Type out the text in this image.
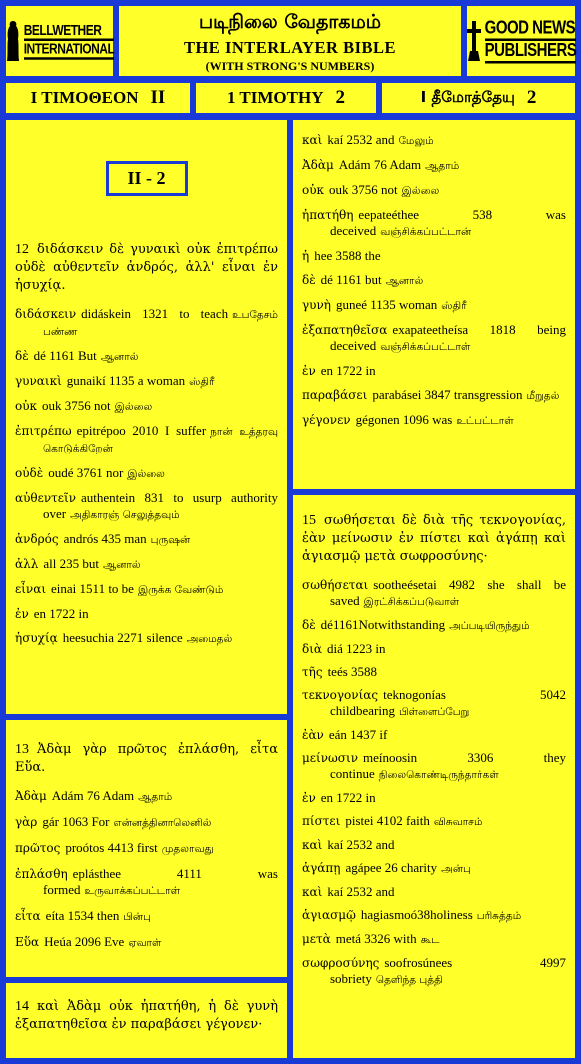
BELLWETHER
INTERNATIONAL
படிநிலை வேதாகமம்
THE INTERLAYER BIBLE
(WITH STRONG'S NUMBERS)
GOOD NEWS
PUBLISHERS
I TIMOΘEON II	1 TIMOTHY 2	I தீமோத்தேயு 2
II - 2
12 διδάσκειν δὲ γυναικὶ οὐκ ἐπιτρέπω οὐδὲ αὐθεντεῖν ἀνδρός, ἀλλ' εἶναι ἐν ἡσυχίᾳ.
διδάσκειν didáskein 1321 to teach உபதேசம் பண்ண
δὲ dé 1161 But ஆனால்
γυναικὶ gunaikí 1135 a woman ஸ்திரீ
οὐκ ouk 3756 not இல்லை
ἐπιτρέπω epitrépoo 2010 I suffer நான் உத்தரவு கொடுக்கிறேன்
οὐδὲ oudé 3761 nor இல்லை
αὐθεντεῖν authentein 831 to usurp authority over அதிகாரஞ் செலுத்தவும்
ἀνδρός andrós 435 man புருஷன்
ἀλλ all 235 but ஆனால்
εἶναι einai 1511 to be இருக்க வேண்டும்
ἐν en 1722 in
ἡσυχίᾳ heesuchia 2271 silence அமைதல்
13 Ἀδὰμ γὰρ πρῶτος ἐπλάσθη, εἶτα Εὕα.
Ἀδὰμ Adám 76 Adam ஆதாம்
γὰρ gár 1063 For என்னத்தினாலெனில்
πρῶτος proótos 4413 first முதலாவது
ἐπλάσθη eplásthee 4111 was formed உருவாக்கப்பட்டாள்
εἶτα eíta 1534 then பின்பு
Εὕα Heúa 2096 Eve ஏவாள்
14 καὶ Ἀδὰμ οὐκ ἠπατήθη, ἡ δὲ γυνὴ ἐξαπατηθεῖσα ἐν παραβάσει γέγονεν·
καὶ kaí 2532 and மேலும்
Ἀδὰμ Adám 76 Adam ஆதாம்
οὐκ ouk 3756 not இல்லை
ἠπατήθη eepateéthee 538 was deceived வஞ்சிக்கப்பட்டான்
ἡ hee 3588 the
δὲ dé 1161 but ஆனால்
γυνὴ guneé 1135 woman ஸ்திரீ
ἐξαπατηθεῖσα exapateetheísa 1818 being deceived வஞ்சிக்கப்பட்டாள்
ἐν en 1722 in
παραβάσει parabásei 3847 transgression மீறுதல்
γέγονεν gégonen 1096 was உட்பட்டாள்
15 σωθήσεται δὲ διὰ τῆς τεκνογονίας, ἐὰν μείνωσιν ἐν πίστει καὶ ἀγάπῃ καὶ ἁγιασμῷ μετὰ σωφροσύνης·
σωθήσεται sootheésetai 4982 she shall be saved இரட்சிக்கப்படுவாள்
δὲ dé1161Notwithstanding அப்படியிருந்தும்
διὰ diá 1223 in
τῆς teés 3588
τεκνογονίας teknogonías 5042 childbearing பிள்ளைப்பேறு
ἐὰν eán 1437 if
μείνωσιν meínoosin 3306 they continue நிலைகொண்டிருந்தார்கள்
ἐν en 1722 in
πίστει pistei 4102 faith விசுவாசம்
καὶ kaí 2532 and
ἀγάπῃ agápee 26 charity அன்பு
καὶ kaí 2532 and
ἁγιασμῷ hagiasmoó38holiness பரிசுத்தம்
μετὰ metá 3326 with கூட
σωφροσύνης soofrosúnees 4997 sobriety தெளிந்த புத்தி
